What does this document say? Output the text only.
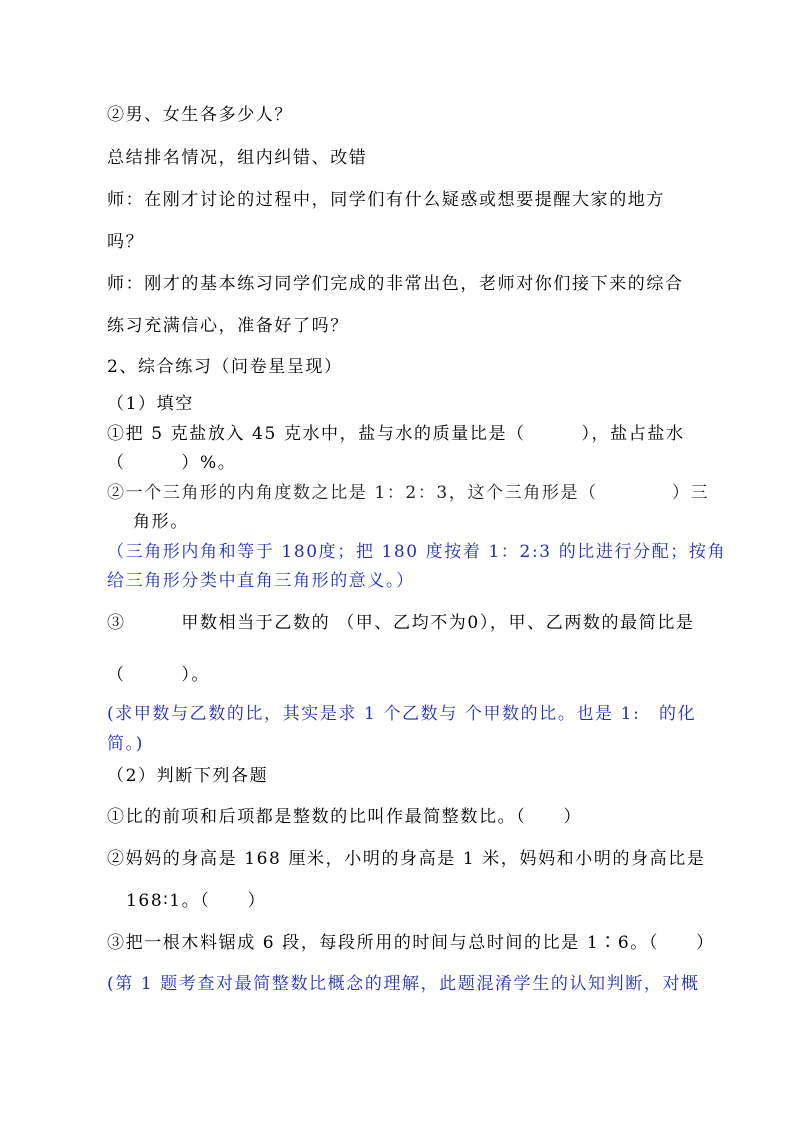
②男、女生各多少人？
总结排名情况，组内纠错、改错
师：在刚才讨论的过程中，同学们有什么疑惑或想要提醒大家的地方
吗？
师：刚才的基本练习同学们完成的非常出色，老师对你们接下来的综合
练习充满信心，准备好了吗？
2、综合练习（问卷星呈现）
（1）填空
①把 5 克盐放入 45 克水中，盐与水的质量比是（　　　），盐占盐水
（　　　）%。
②一个三角形的内角度数之比是 1：2：3，这个三角形是（　　　　）三
角形。
（三角形内角和等于 180度；把 180 度按着 1：2:3 的比进行分配；按角
给三角形分类中直角三角形的意义。）
③　　　甲数相当于乙数的 （甲、乙均不为0），甲、乙两数的最简比是
（　　　）。
(求甲数与乙数的比，其实是求 1 个乙数与 个甲数的比。也是 1:　的化
简。)
（2）判断下列各题
①比的前项和后项都是整数的比叫作最简整数比。（　　）
②妈妈的身高是 168 厘米，小明的身高是 1 米，妈妈和小明的身高比是
168∶1。（　　）
③把一根木料锯成 6 段，每段所用的时间与总时间的比是 1∶6。（　　）
(第 1 题考查对最简整数比概念的理解，此题混淆学生的认知判断，对概
